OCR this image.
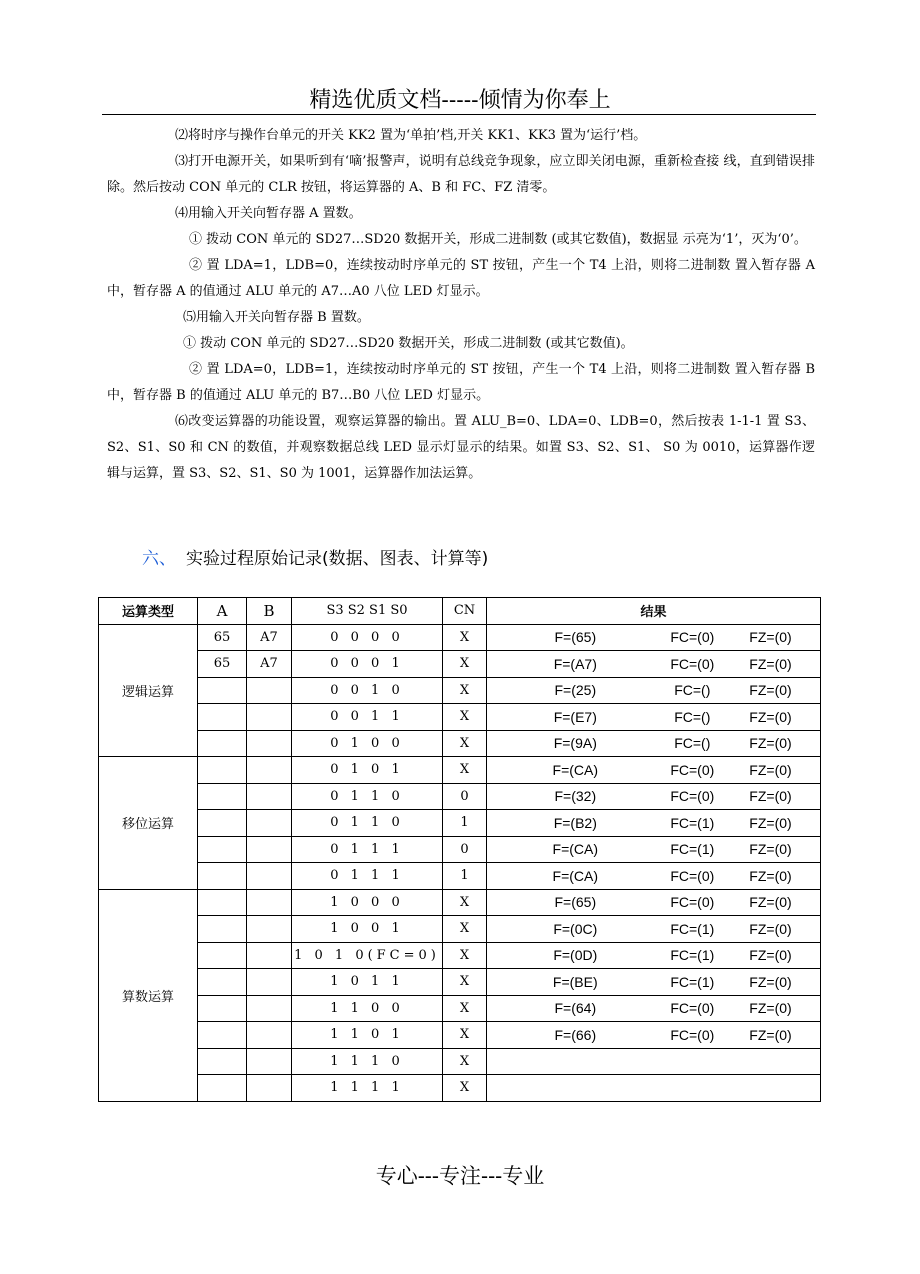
精选优质文档-----倾情为你奉上

⑵将时序与操作台单元的开关 KK2 置为‘单拍’档,开关 KK1、KK3 置为‘运行’档。

⑶打开电源开关，如果听到有‘嘀’报警声，说明有总线竞争现象，应立即关闭电源，重新检查接 线，直到错误排除。然后按动 CON 单元的 CLR 按钮，将运算器的 A、B 和 FC、FZ 清零。

⑷用输入开关向暂存器 A 置数。

① 拨动 CON 单元的 SD27…SD20 数据开关，形成二进制数 (或其它数值)，数据显 示亮为‘1’，灭为‘0’。

② 置 LDA=1，LDB=0，连续按动时序单元的 ST 按钮，产生一个 T4 上沿，则将二进制数 置入暂存器 A 中，暂存器 A 的值通过 ALU 单元的 A7…A0 八位 LED 灯显示。

⑸用输入开关向暂存器 B 置数。

① 拨动 CON 单元的 SD27…SD20 数据开关，形成二进制数 (或其它数值)。

② 置 LDA=0，LDB=1，连续按动时序单元的 ST 按钮，产生一个 T4 上沿，则将二进制数 置入暂存器 B 中，暂存器 B 的值通过 ALU 单元的 B7…B0 八位 LED 灯显示。

⑹改变运算器的功能设置，观察运算器的输出。置 ALU_B=0、LDA=0、LDB=0，然后按表 1-1-1 置 S3、S2、S1、S0 和 CN 的数值，并观察数据总线 LED 显示灯显示的结果。如置 S3、S2、S1、 S0 为 0010，运算器作逻辑与运算，置 S3、S2、S1、S0 为 1001，运算器作加法运算。

六、 实验过程原始记录(数据、图表、计算等)
运算类型	A	B	S3 S2 S1 S0	CN	结果
逻辑运算	65	A7	0 0 0 0	X	F=(65) FC=(0) FZ=(0)
	65	A7	0 0 0 1	X	F=(A7) FC=(0) FZ=(0)
			0 0 1 0	X	F=(25) FC=() FZ=(0)
			0 0 1 1	X	F=(E7) FC=() FZ=(0)
			0 1 0 0	X	F=(9A) FC=() FZ=(0)
移位运算			0 1 0 1	X	F=(CA) FC=(0) FZ=(0)
			0 1 1 0	0	F=(32) FC=(0) FZ=(0)
			0 1 1 0	1	F=(B2) FC=(1) FZ=(0)
			0 1 1 1	0	F=(CA) FC=(1) FZ=(0)
			0 1 1 1	1	F=(CA) FC=(0) FZ=(0)
算数运算			1 0 0 0	X	F=(65) FC=(0) FZ=(0)
			1 0 0 1	X	F=(0C) FC=(1) FZ=(0)
			1 0 1 0(FC=0)	X	F=(0D) FC=(1) FZ=(0)
			1 0 1 1	X	F=(BE) FC=(1) FZ=(0)
			1 1 0 0	X	F=(64) FC=(0) FZ=(0)
			1 1 0 1	X	F=(66) FC=(0) FZ=(0)
			1 1 1 0	X	
			1 1 1 1	X	
专心---专注---专业
